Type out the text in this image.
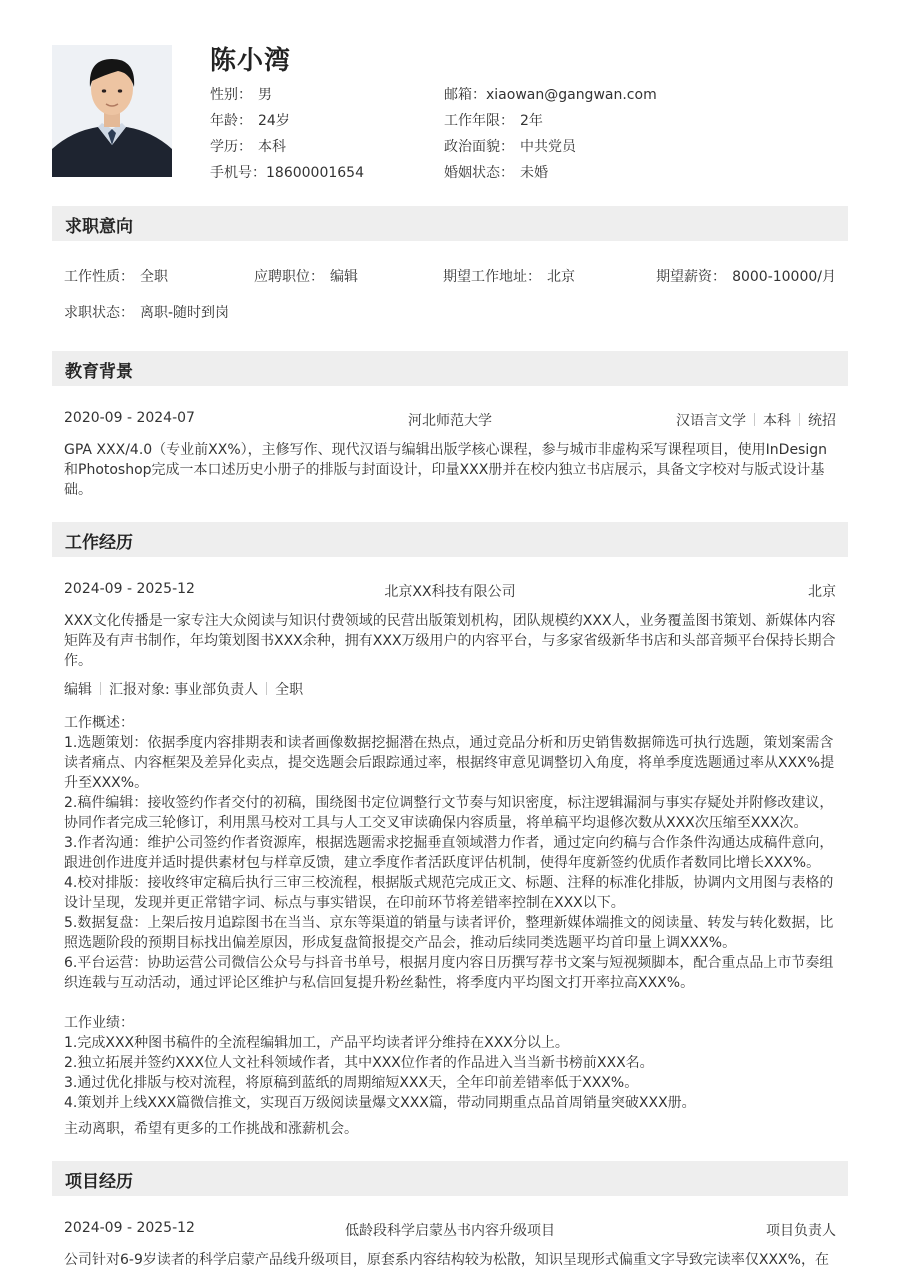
陈小湾
性别： 男
年龄： 24岁
学历： 本科
手机号：18600001654
邮箱：xiaowan@gangwan.com
工作年限： 2年
政治面貌： 中共党员
婚姻状态： 未婚
求职意向
工作性质： 全职	应聘职位： 编辑	期望工作地址： 北京	期望薪资： 8000-10000/月
求职状态： 离职-随时到岗
教育背景
2020-09 - 2024-07	河北师范大学	汉语言文学 本科 统招
GPA XXX/4.0（专业前XX%），主修写作、现代汉语与编辑出版学核心课程，参与城市非虚构采写课程项目，使用InDesign
和Photoshop完成一本口述历史小册子的排版与封面设计，印量XXX册并在校内独立书店展示，具备文字校对与版式设计基
础。
工作经历
2024-09 - 2025-12	北京XX科技有限公司	北京
XXX文化传播是一家专注大众阅读与知识付费领域的民营出版策划机构，团队规模约XXX人，业务覆盖图书策划、新媒体内容
矩阵及有声书制作，年均策划图书XXX余种，拥有XXX万级用户的内容平台，与多家省级新华书店和头部音频平台保持长期合
作。
编辑 汇报对象: 事业部负责人 全职
工作概述：
1.选题策划：依据季度内容排期表和读者画像数据挖掘潜在热点，通过竞品分析和历史销售数据筛选可执行选题，策划案需含
读者痛点、内容框架及差异化卖点，提交选题会后跟踪通过率，根据终审意见调整切入角度，将单季度选题通过率从XXX%提
升至XXX%。
2.稿件编辑：接收签约作者交付的初稿，围绕图书定位调整行文节奏与知识密度，标注逻辑漏洞与事实存疑处并附修改建议，
协同作者完成三轮修订，利用黑马校对工具与人工交叉审读确保内容质量，将单稿平均退修次数从XXX次压缩至XXX次。
3.作者沟通：维护公司签约作者资源库，根据选题需求挖掘垂直领域潜力作者，通过定向约稿与合作条件沟通达成稿件意向，
跟进创作进度并适时提供素材包与样章反馈，建立季度作者活跃度评估机制，使得年度新签约优质作者数同比增长XXX%。
4.校对排版：接收终审定稿后执行三审三校流程，根据版式规范完成正文、标题、注释的标准化排版，协调内文用图与表格的
设计呈现，发现并更正常错字词、标点与事实错误，在印前环节将差错率控制在XXX以下。
5.数据复盘：上架后按月追踪图书在当当、京东等渠道的销量与读者评价，整理新媒体端推文的阅读量、转发与转化数据，比
照选题阶段的预期目标找出偏差原因，形成复盘简报提交产品会，推动后续同类选题平均首印量上调XXX%。
6.平台运营：协助运营公司微信公众号与抖音书单号，根据月度内容日历撰写荐书文案与短视频脚本，配合重点品上市节奏组
织连载与互动活动，通过评论区维护与私信回复提升粉丝黏性，将季度内平均图文打开率拉高XXX%。
工作业绩：
1.完成XXX种图书稿件的全流程编辑加工，产品平均读者评分维持在XXX分以上。
2.独立拓展并签约XXX位人文社科领域作者，其中XXX位作者的作品进入当当新书榜前XXX名。
3.通过优化排版与校对流程，将原稿到蓝纸的周期缩短XXX天，全年印前差错率低于XXX%。
4.策划并上线XXX篇微信推文，实现百万级阅读量爆文XXX篇，带动同期重点品首周销量突破XXX册。
主动离职，希望有更多的工作挑战和涨薪机会。
项目经历
2024-09 - 2025-12	低龄段科学启蒙丛书内容升级项目	项目负责人
公司针对6-9岁读者的科学启蒙产品线升级项目，原套系内容结构较为松散，知识呈现形式偏重文字导致完读率仅XXX%，在
